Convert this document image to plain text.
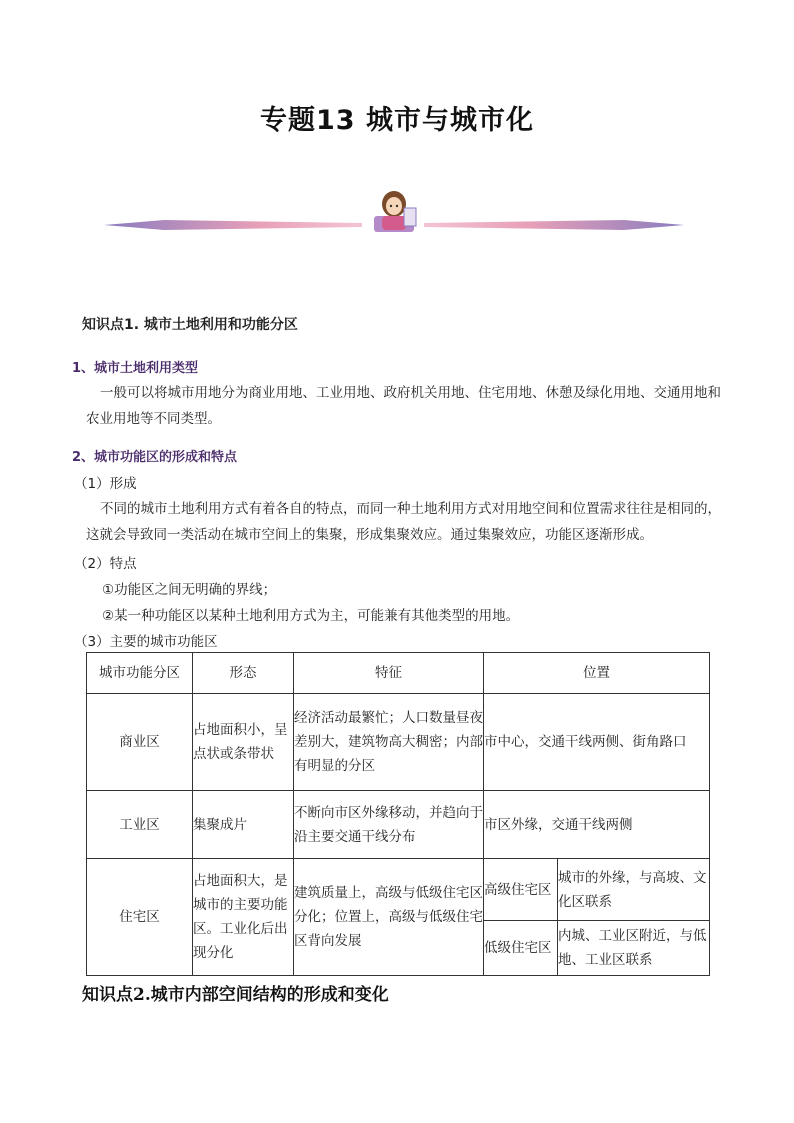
专题13 城市与城市化
知识点1. 城市土地利用和功能分区
1、城市土地利用类型
一般可以将城市用地分为商业用地、工业用地、政府机关用地、住宅用地、休憩及绿化用地、交通用地和农业用地等不同类型。
2、城市功能区的形成和特点
（1）形成
不同的城市土地利用方式有着各自的特点，而同一种土地利用方式对用地空间和位置需求往往是相同的，这就会导致同一类活动在城市空间上的集聚，形成集聚效应。通过集聚效应，功能区逐渐形成。
（2）特点
①功能区之间无明确的界线；
②某一种功能区以某种土地利用方式为主，可能兼有其他类型的用地。
（3）主要的城市功能区
城市功能分区	形态	特征	位置	
商业区	占地面积小，呈点状或条带状	经济活动最繁忙；人口数量昼夜差别大，建筑物高大稠密；内部有明显的分区	市中心，交通干线两侧、街角路口	
工业区	集聚成片	不断向市区外缘移动，并趋向于沿主要交通干线分布	市区外缘，交通干线两侧	
住宅区	占地面积大，是城市的主要功能区。工业化后出现分化	建筑质量上，高级与低级住宅区分化；位置上，高级与低级住宅区背向发展	高级住宅区	城市的外缘，与高坡、文化区联系
			低级住宅区	内城、工业区附近，与低地、工业区联系
知识点2.城市内部空间结构的形成和变化
